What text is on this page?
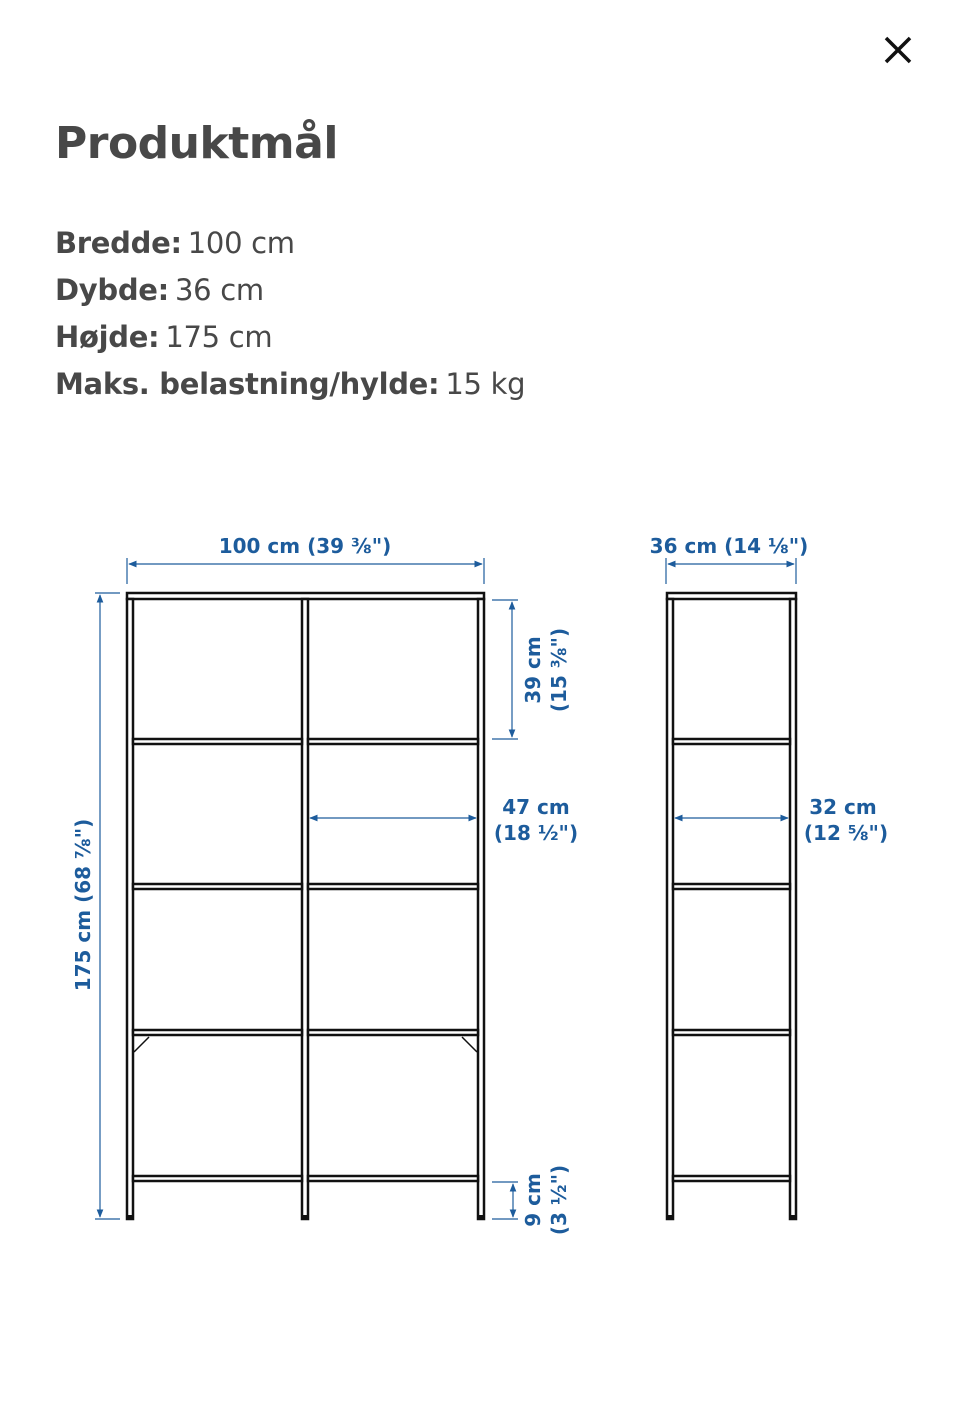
Produktmål
Bredde: 100 cm
Dybde: 36 cm
Højde: 175 cm
Maks. belastning/hylde: 15 kg
100 cm (39 ⅜")
175 cm (68 ⅞")
39 cm (15 ⅜")
47 cm
(18 ½")
9 cm (3 ½")
36 cm (14 ⅛")
32 cm
(12 ⅝")
